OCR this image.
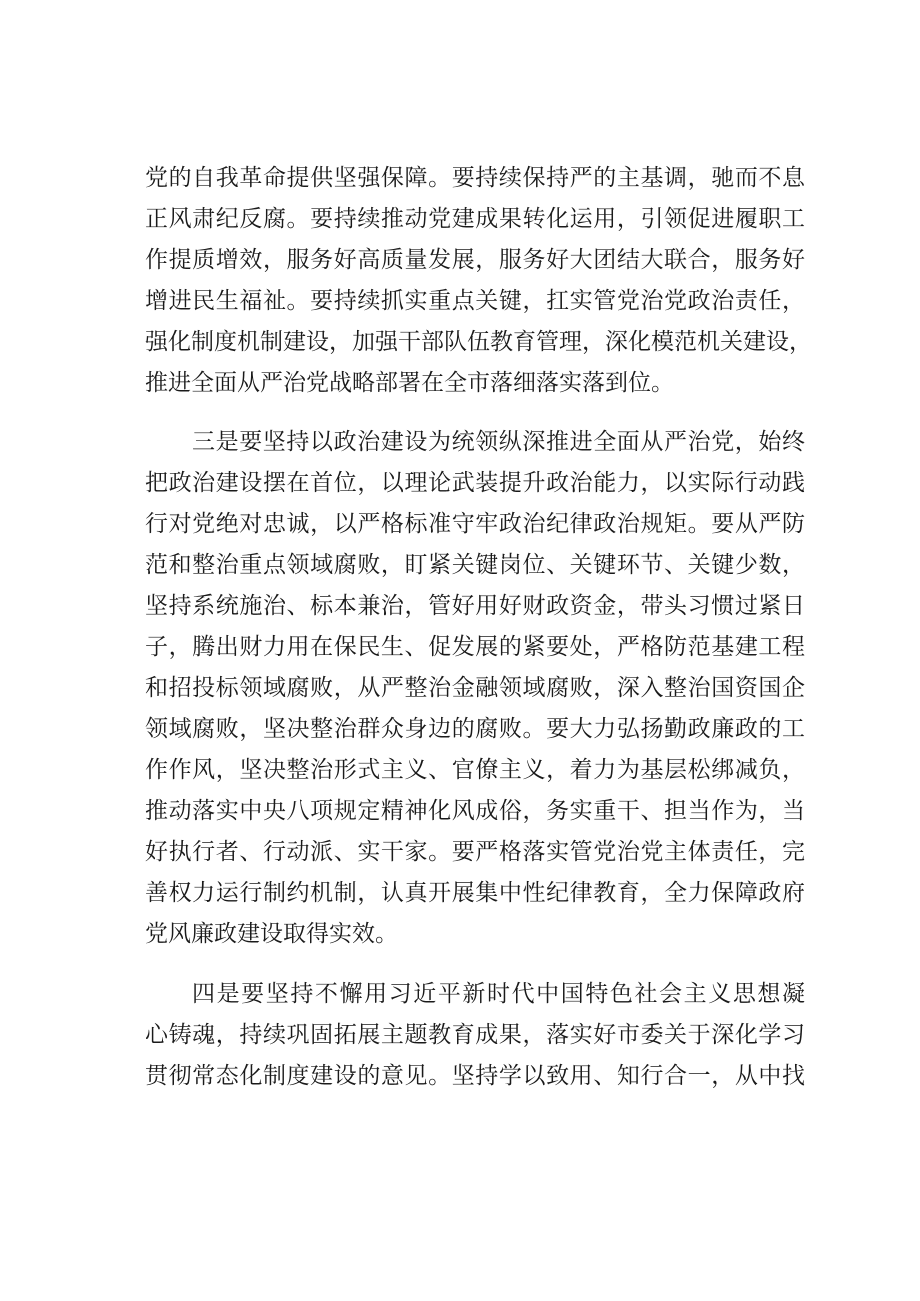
党的自我革命提供坚强保障。要持续保持严的主基调，驰而不息

正风肃纪反腐。要持续推动党建成果转化运用，引领促进履职工

作提质增效，服务好高质量发展，服务好大团结大联合，服务好

增进民生福祉。要持续抓实重点关键，扛实管党治党政治责任，

强化制度机制建设，加强干部队伍教育管理，深化模范机关建设，

推进全面从严治党战略部署在全市落细落实落到位。

三是要坚持以政治建设为统领纵深推进全面从严治党，始终

把政治建设摆在首位，以理论武装提升政治能力，以实际行动践

行对党绝对忠诚，以严格标准守牢政治纪律政治规矩。要从严防

范和整治重点领域腐败，盯紧关键岗位、关键环节、关键少数，

坚持系统施治、标本兼治，管好用好财政资金，带头习惯过紧日

子，腾出财力用在保民生、促发展的紧要处，严格防范基建工程

和招投标领域腐败，从严整治金融领域腐败，深入整治国资国企

领域腐败，坚决整治群众身边的腐败。要大力弘扬勤政廉政的工

作作风，坚决整治形式主义、官僚主义，着力为基层松绑减负，

推动落实中央八项规定精神化风成俗，务实重干、担当作为，当

好执行者、行动派、实干家。要严格落实管党治党主体责任，完

善权力运行制约机制，认真开展集中性纪律教育，全力保障政府

党风廉政建设取得实效。

四是要坚持不懈用习近平新时代中国特色社会主义思想凝

心铸魂，持续巩固拓展主题教育成果，落实好市委关于深化学习

贯彻常态化制度建设的意见。坚持学以致用、知行合一，从中找
